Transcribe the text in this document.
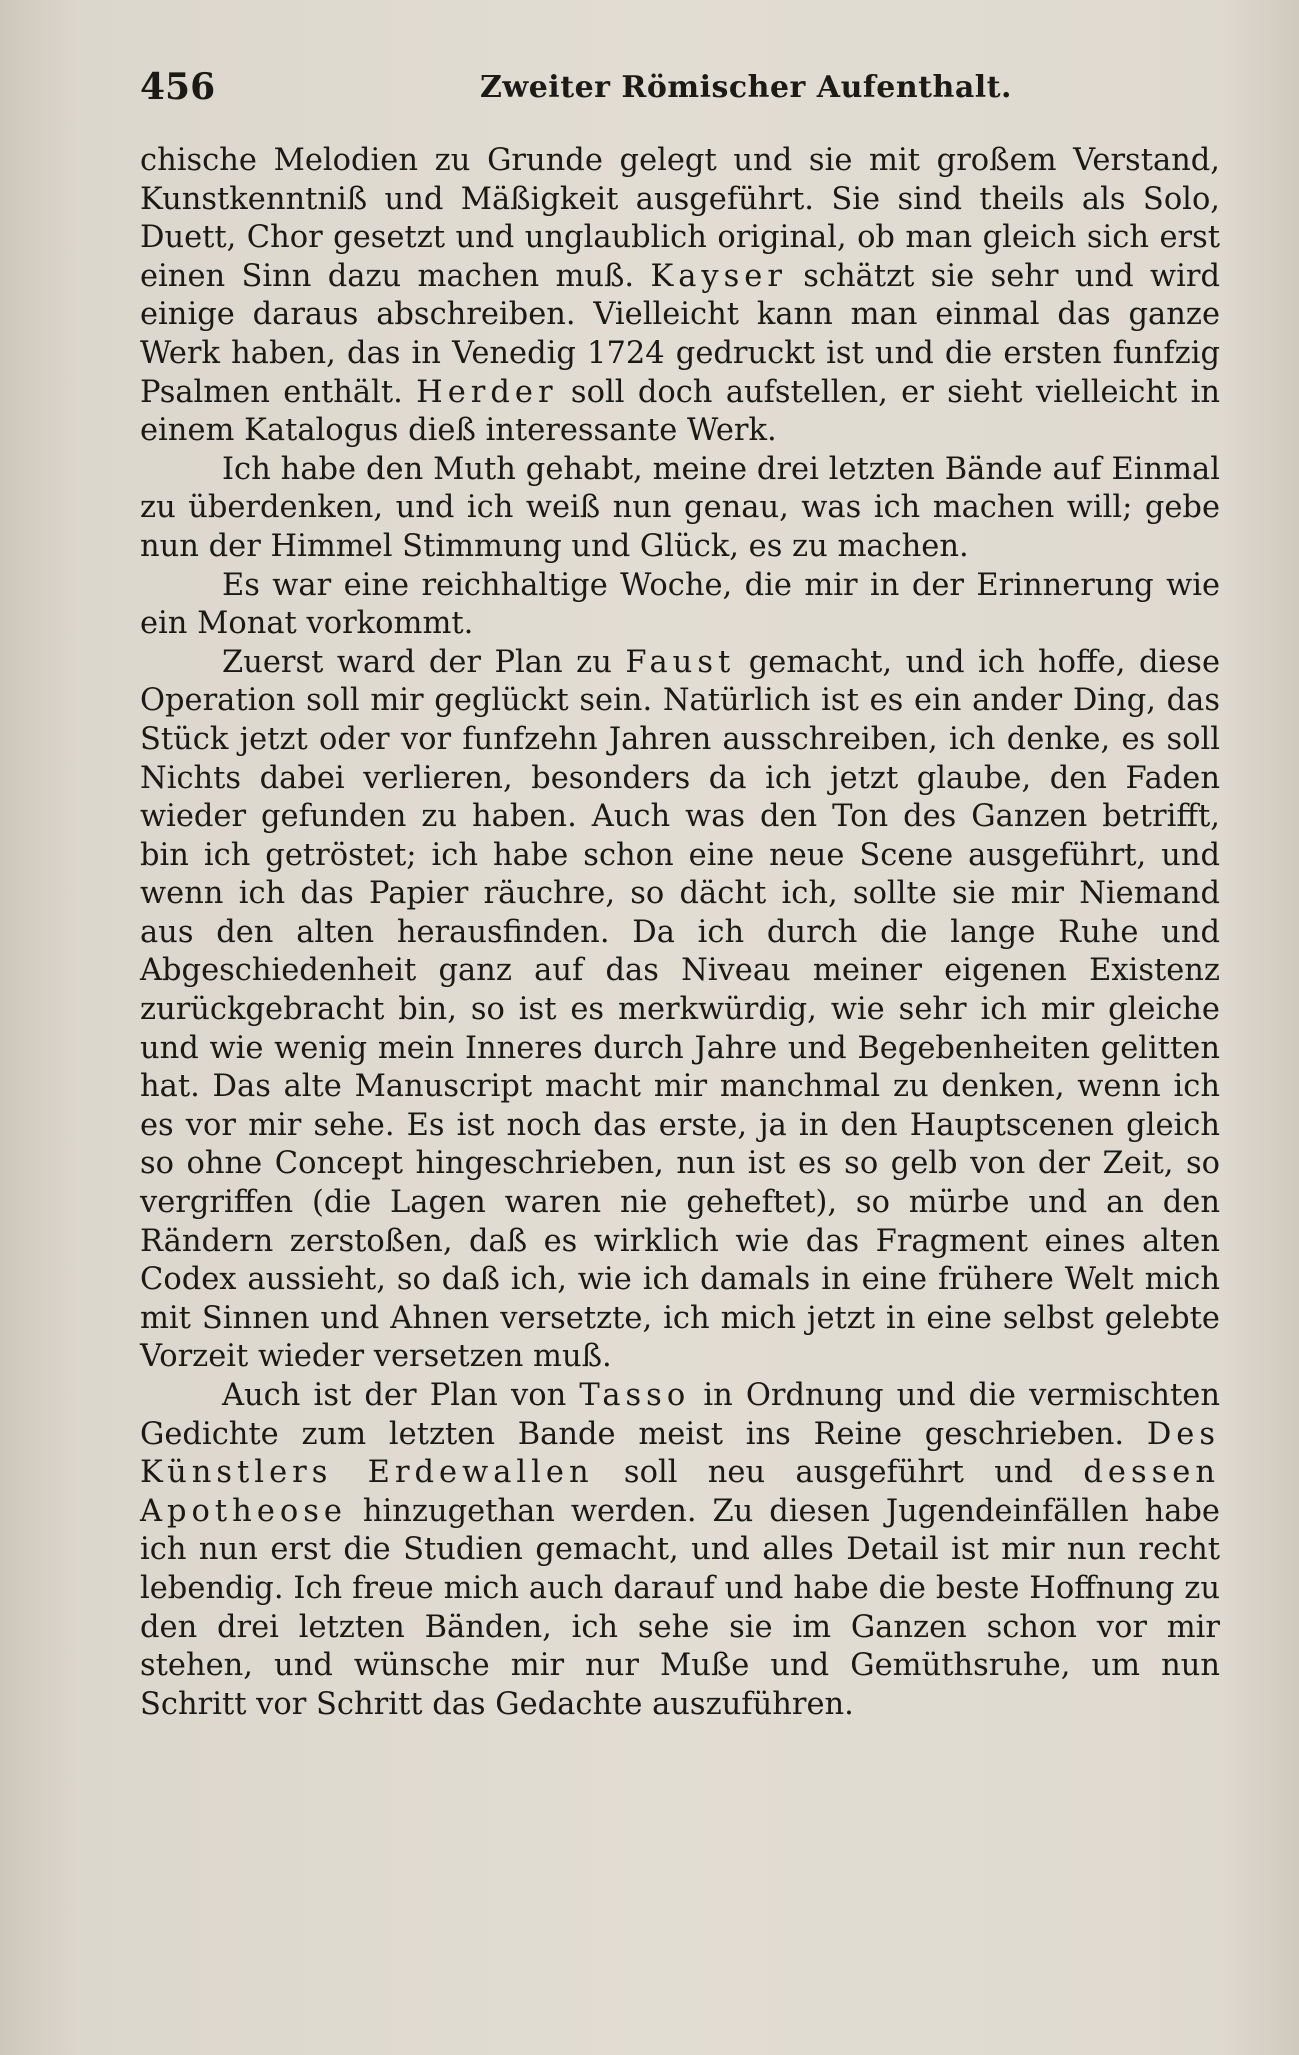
456	Zweiter Römischer Aufenthalt.

chische Melodien zu Grunde gelegt und sie mit großem Verstand, Kunstkenntniß und Mäßigkeit ausgeführt. Sie sind theils als Solo, Duett, Chor gesetzt und unglaublich original, ob man gleich sich erst einen Sinn dazu machen muß. Kayser schätzt sie sehr und wird einige daraus abschreiben. Vielleicht kann man einmal das ganze Werk haben, das in Venedig 1724 gedruckt ist und die ersten funfzig Psalmen enthält. Herder soll doch aufstellen, er sieht vielleicht in einem Katalogus dieß interessante Werk.

Ich habe den Muth gehabt, meine drei letzten Bände auf Einmal zu überdenken, und ich weiß nun genau, was ich machen will; gebe nun der Himmel Stimmung und Glück, es zu machen.

Es war eine reichhaltige Woche, die mir in der Erinnerung wie ein Monat vorkommt.

Zuerst ward der Plan zu Faust gemacht, und ich hoffe, diese Operation soll mir geglückt sein. Natürlich ist es ein ander Ding, das Stück jetzt oder vor funfzehn Jahren ausschreiben, ich denke, es soll Nichts dabei verlieren, besonders da ich jetzt glaube, den Faden wieder gefunden zu haben. Auch was den Ton des Ganzen betrifft, bin ich getröstet; ich habe schon eine neue Scene ausgeführt, und wenn ich das Papier räuchre, so dächt ich, sollte sie mir Niemand aus den alten herausfinden. Da ich durch die lange Ruhe und Abgeschiedenheit ganz auf das Niveau meiner eigenen Existenz zurückgebracht bin, so ist es merkwürdig, wie sehr ich mir gleiche und wie wenig mein Inneres durch Jahre und Begebenheiten gelitten hat. Das alte Manuscript macht mir manchmal zu denken, wenn ich es vor mir sehe. Es ist noch das erste, ja in den Hauptscenen gleich so ohne Concept hingeschrieben, nun ist es so gelb von der Zeit, so vergriffen (die Lagen waren nie geheftet), so mürbe und an den Rändern zerstoßen, daß es wirklich wie das Fragment eines alten Codex aussieht, so daß ich, wie ich damals in eine frühere Welt mich mit Sinnen und Ahnen versetzte, ich mich jetzt in eine selbst gelebte Vorzeit wieder versetzen muß.

Auch ist der Plan von Tasso in Ordnung und die vermischten Gedichte zum letzten Bande meist ins Reine geschrieben. Des Künstlers Erdewallen soll neu ausgeführt und dessen Apotheose hinzugethan werden. Zu diesen Jugendeinfällen habe ich nun erst die Studien gemacht, und alles Detail ist mir nun recht lebendig. Ich freue mich auch darauf und habe die beste Hoffnung zu den drei letzten Bänden, ich sehe sie im Ganzen schon vor mir stehen, und wünsche mir nur Muße und Gemüthsruhe, um nun Schritt vor Schritt das Gedachte auszuführen.
